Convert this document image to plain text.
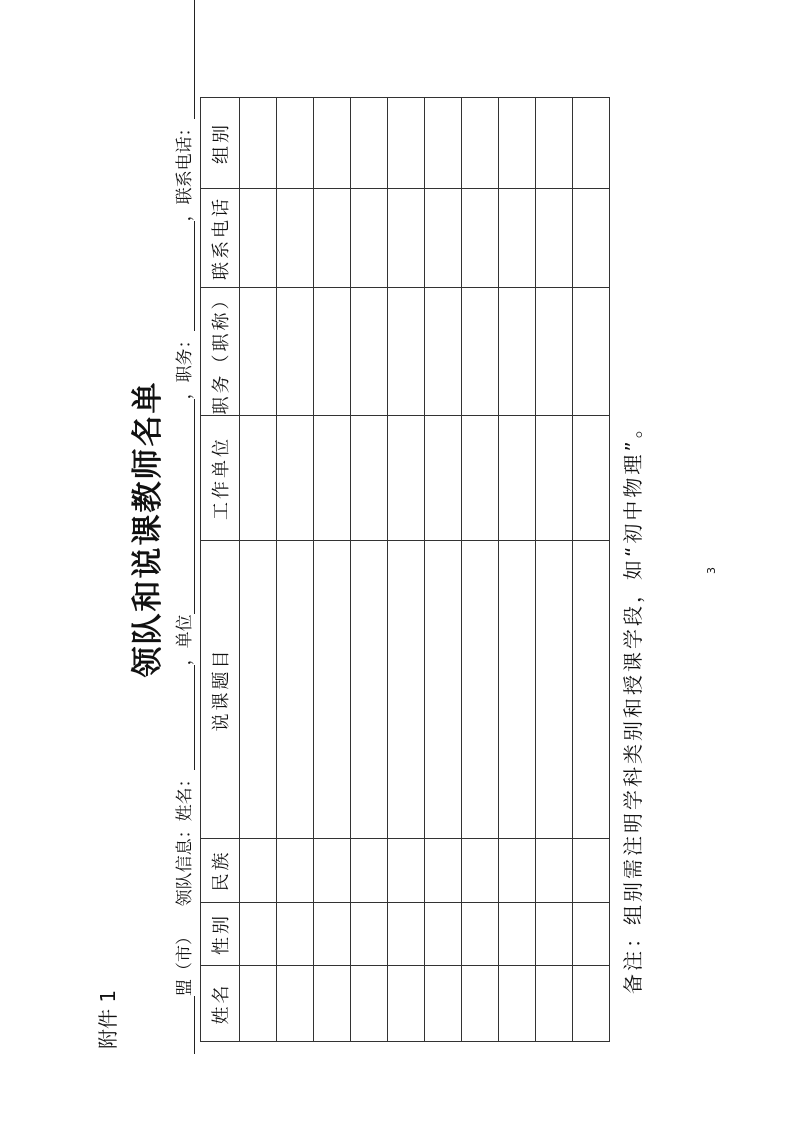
附件 1
领队和说课教师名单
盟（市）    领队信息：姓名：，单位，职务：，联系电话：
姓名	性别	民族	说课题目	工作单位	职务（职称）	联系电话	组别

备注：组别需注明学科类别和授课学段，如“初中物理”。	3
